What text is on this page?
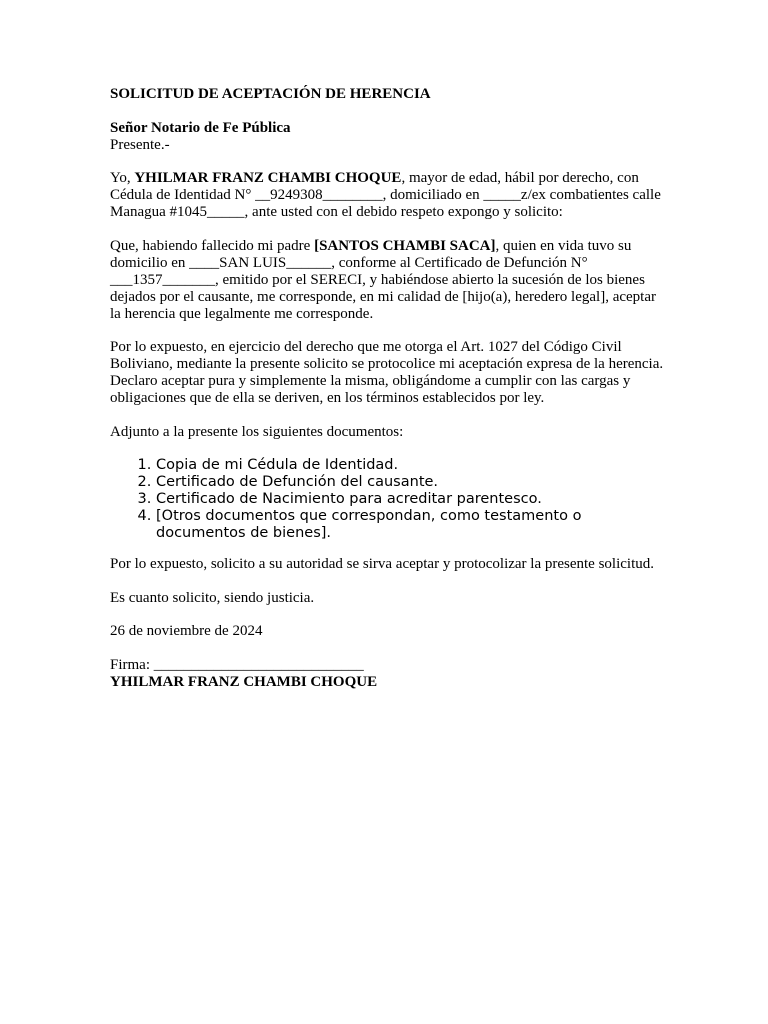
SOLICITUD DE ACEPTACIÓN DE HERENCIA

Señor Notario de Fe Pública
Presente.-

Yo, YHILMAR FRANZ CHAMBI CHOQUE, mayor de edad, hábil por derecho, con Cédula de Identidad N° __9249308________, domiciliado en _____z/ex combatientes calle Managua #1045_____, ante usted con el debido respeto expongo y solicito:

Que, habiendo fallecido mi padre [SANTOS CHAMBI SACA], quien en vida tuvo su domicilio en ____SAN LUIS______, conforme al Certificado de Defunción N° ___1357_______, emitido por el SERECI, y habiéndose abierto la sucesión de los bienes dejados por el causante, me corresponde, en mi calidad de [hijo(a), heredero legal], aceptar la herencia que legalmente me corresponde.

Por lo expuesto, en ejercicio del derecho que me otorga el Art. 1027 del Código Civil Boliviano, mediante la presente solicito se protocolice mi aceptación expresa de la herencia. Declaro aceptar pura y simplemente la misma, obligándome a cumplir con las cargas y obligaciones que de ella se deriven, en los términos establecidos por ley.

Adjunto a la presente los siguientes documentos:

1. Copia de mi Cédula de Identidad.
2. Certificado de Defunción del causante.
3. Certificado de Nacimiento para acreditar parentesco.
4. [Otros documentos que correspondan, como testamento o documentos de bienes].

Por lo expuesto, solicito a su autoridad se sirva aceptar y protocolizar la presente solicitud.

Es cuanto solicito, siendo justicia.

26 de noviembre de 2024

Firma: ____________________________
YHILMAR FRANZ CHAMBI CHOQUE
